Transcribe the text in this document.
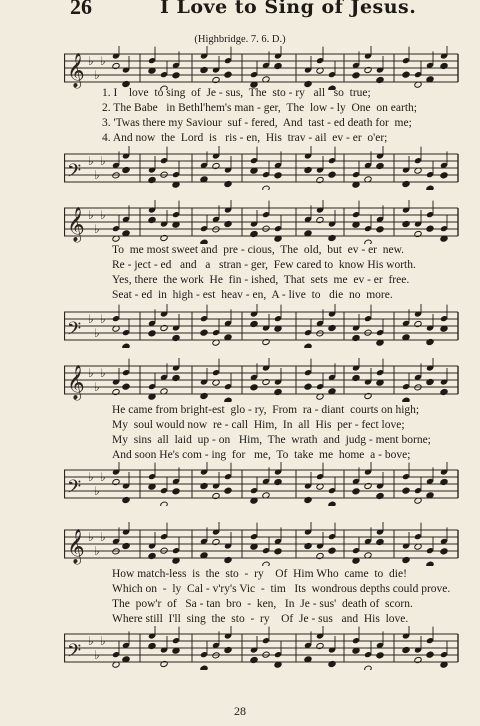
26	I Love to Sing of Jesus.
(Highbridge. 7. 6. D.)
𝄞 ♭
♭
♭
1. I    love  to sing  of  Je - sus,  The  sto - ry   all   so  true;
2. The Babe   in Bethl'hem's man - ger,  The  low - ly  One  on earth;
3. 'Twas there my Saviour  suf - fered,  And  tast - ed death for  me;
4. And now  the  Lord  is   ris - en,  His  trav - ail  ev - er  o'er;
𝄢 ♭
♭
♭
𝄞 ♭
♭
♭
To  me most sweet and  pre - cious,  The  old,  but  ev - er  new.
Re - ject - ed   and   a   stran - ger,  Few cared to  know His worth.
Yes, there  the work  He  fin - ished,  That  sets  me  ev - er  free.
Seat - ed  in  high - est  heav - en,  A - live  to   die  no  more.
𝄢 ♭
♭
♭
𝄞 ♭
♭
♭
He came from bright-est  glo - ry,  From  ra - diant  courts on high;
My  soul would now  re - call  Him,  In  all  His  per - fect love;
My  sins  all  laid  up - on   Him,  The  wrath  and  judg - ment borne;
And soon He's com - ing  for   me,  To  take  me  home  a - bove;
𝄢 ♭
♭
♭
𝄞 ♭
♭
♭
How match-less  is  the  sto  -  ry    Of  Him Who  came  to  die!
Which on  -  ly  Cal - v'ry's Vic  -  tim   Its  wondrous depths could prove.
The  pow'r  of   Sa - tan  bro  -  ken,   In  Je - sus'  death of  scorn.
Where still  I'll  sing  the  sto  -  ry    Of  Je - sus   and  His  love.
𝄢 ♭
♭
♭
28
